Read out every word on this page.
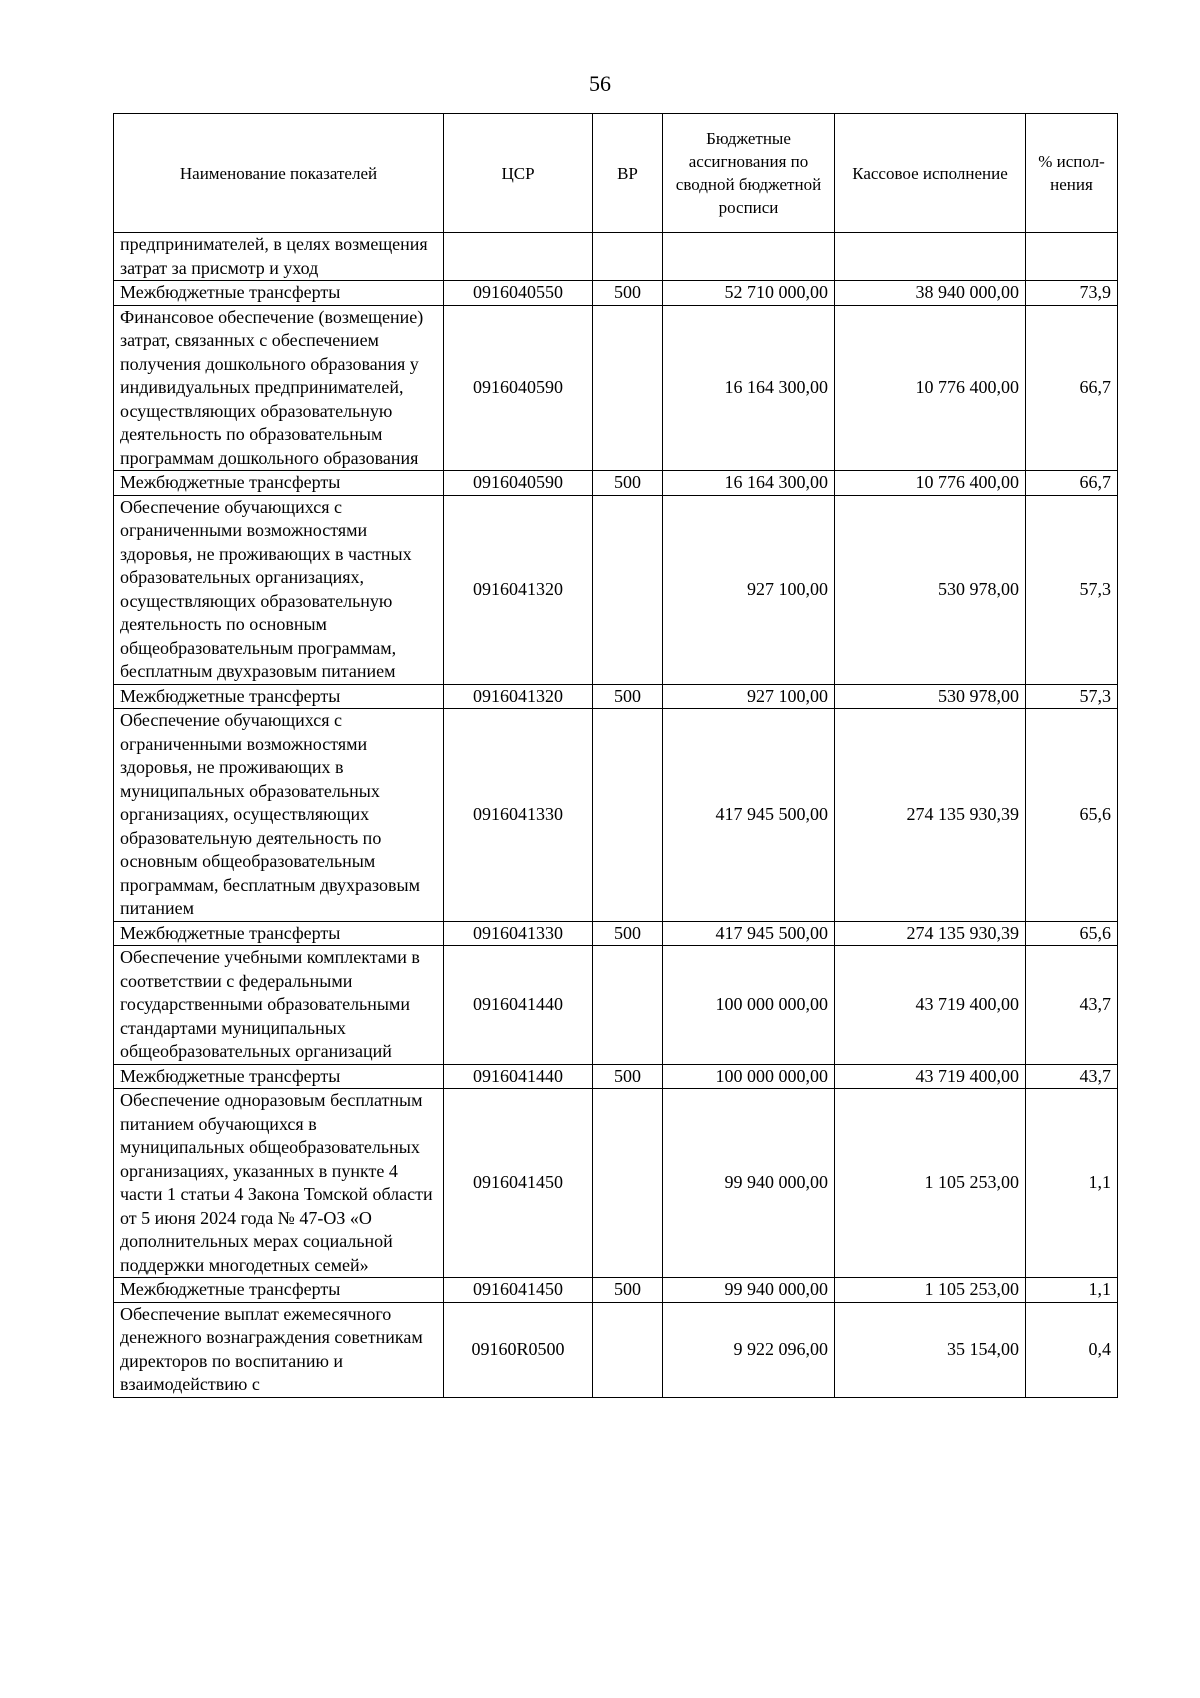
56
Наименование показателей	ЦСР	ВР	Бюджетные ассигнования по сводной бюджетной росписи	Кассовое исполнение	% испол-нения
предпринимателей, в целях возмещения затрат за присмотр и уход					
Межбюджетные трансферты	0916040550	500	52 710 000,00	38 940 000,00	73,9
Финансовое обеспечение (возмещение) затрат, связанных с обеспечением получения дошкольного образования у индивидуальных предпринимателей, осуществляющих образовательную деятельность по образовательным программам дошкольного образования	0916040590		16 164 300,00	10 776 400,00	66,7
Межбюджетные трансферты	0916040590	500	16 164 300,00	10 776 400,00	66,7
Обеспечение обучающихся с ограниченными возможностями здоровья, не проживающих в частных образовательных организациях, осуществляющих образовательную деятельность по основным общеобразовательным программам, бесплатным двухразовым питанием	0916041320		927 100,00	530 978,00	57,3
Межбюджетные трансферты	0916041320	500	927 100,00	530 978,00	57,3
Обеспечение обучающихся с ограниченными возможностями здоровья, не проживающих в муниципальных образовательных организациях, осуществляющих образовательную деятельность по основным общеобразовательным программам, бесплатным двухразовым питанием	0916041330		417 945 500,00	274 135 930,39	65,6
Межбюджетные трансферты	0916041330	500	417 945 500,00	274 135 930,39	65,6
Обеспечение учебными комплектами в соответствии с федеральными государственными образовательными стандартами муниципальных общеобразовательных организаций	0916041440		100 000 000,00	43 719 400,00	43,7
Межбюджетные трансферты	0916041440	500	100 000 000,00	43 719 400,00	43,7
Обеспечение одноразовым бесплатным питанием обучающихся в муниципальных общеобразовательных организациях, указанных в пункте 4 части 1 статьи 4 Закона Томской области от 5 июня 2024 года № 47-ОЗ «О дополнительных мерах социальной поддержки многодетных семей»	0916041450		99 940 000,00	1 105 253,00	1,1
Межбюджетные трансферты	0916041450	500	99 940 000,00	1 105 253,00	1,1
Обеспечение выплат ежемесячного денежного вознаграждения советникам директоров по воспитанию и взаимодействию с	09160R0500		9 922 096,00	35 154,00	0,4
